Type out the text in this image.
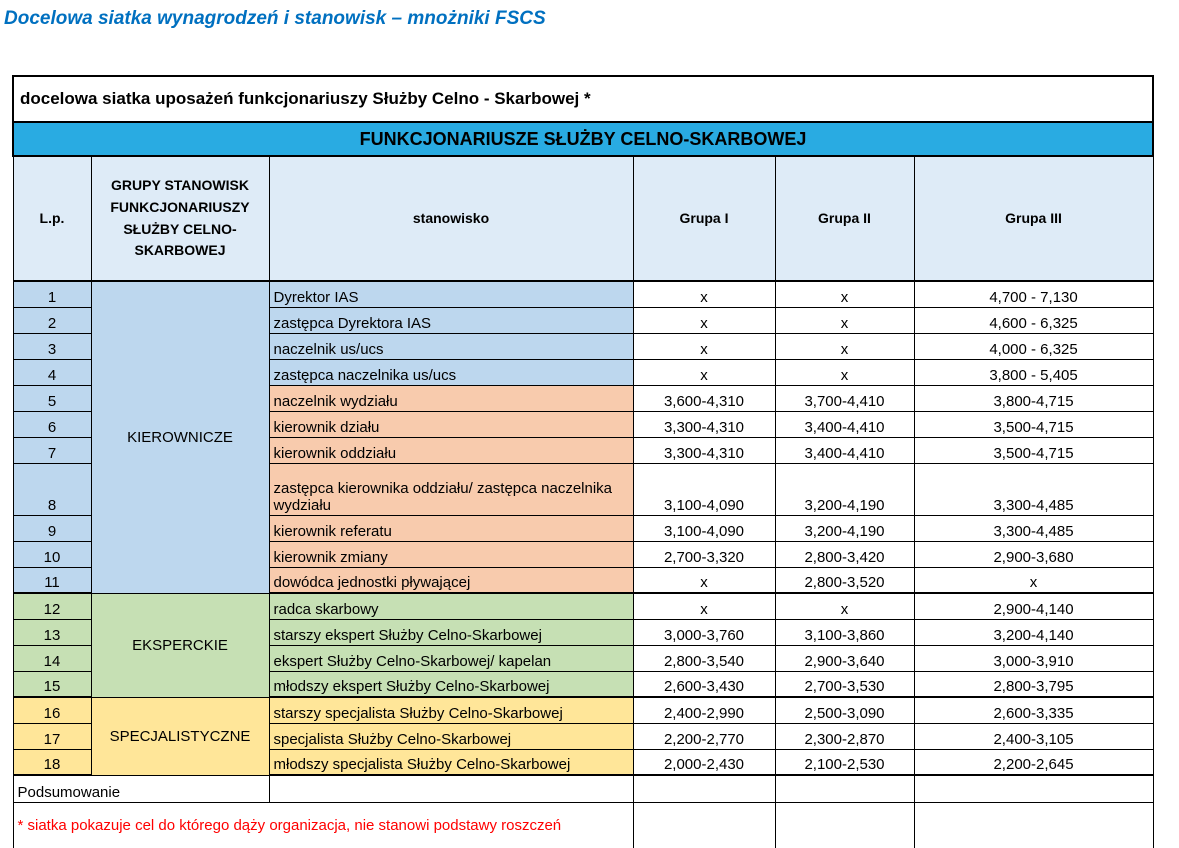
Docelowa siatka wynagrodzeń i stanowisk – mnożniki FSCS
docelowa siatka uposażeń funkcjonariuszy Służby Celno - Skarbowej *					
FUNKCJONARIUSZE SŁUŻBY CELNO-SKARBOWEJ					
L.p.	GRUPY STANOWISK FUNKCJONARIUSZY SŁUŻBY CELNO-SKARBOWEJ	stanowisko	Grupa I	Grupa II	Grupa III
1	KIEROWNICZE	Dyrektor IAS	x	x	4,700 - 7,130
2		zastępca Dyrektora IAS	x	x	4,600 - 6,325
3		naczelnik us/ucs	x	x	4,000 - 6,325
4		zastępca naczelnika us/ucs	x	x	3,800 - 5,405
5		naczelnik wydziału	3,600-4,310	3,700-4,410	3,800-4,715
6		kierownik działu	3,300-4,310	3,400-4,410	3,500-4,715
7		kierownik oddziału	3,300-4,310	3,400-4,410	3,500-4,715
8		zastępca kierownika oddziału/ zastępca naczelnika wydziału	3,100-4,090	3,200-4,190	3,300-4,485
9		kierownik referatu	3,100-4,090	3,200-4,190	3,300-4,485
10		kierownik zmiany	2,700-3,320	2,800-3,420	2,900-3,680
11		dowódca jednostki pływającej	x	2,800-3,520	x
12	EKSPERCKIE	radca skarbowy	x	x	2,900-4,140
13		starszy ekspert Służby Celno-Skarbowej	3,000-3,760	3,100-3,860	3,200-4,140
14		ekspert Służby Celno-Skarbowej/ kapelan	2,800-3,540	2,900-3,640	3,000-3,910
15		młodszy ekspert Służby Celno-Skarbowej	2,600-3,430	2,700-3,530	2,800-3,795
16	SPECJALISTYCZNE	starszy specjalista Służby Celno-Skarbowej	2,400-2,990	2,500-3,090	2,600-3,335
17		specjalista Służby Celno-Skarbowej	2,200-2,770	2,300-2,870	2,400-3,105
18		młodszy specjalista Służby Celno-Skarbowej	2,000-2,430	2,100-2,530	2,200-2,645
Podsumowanie					

* siatka pokazuje cel do którego dąży organizacja, nie stanowi podstawy roszczeń					
